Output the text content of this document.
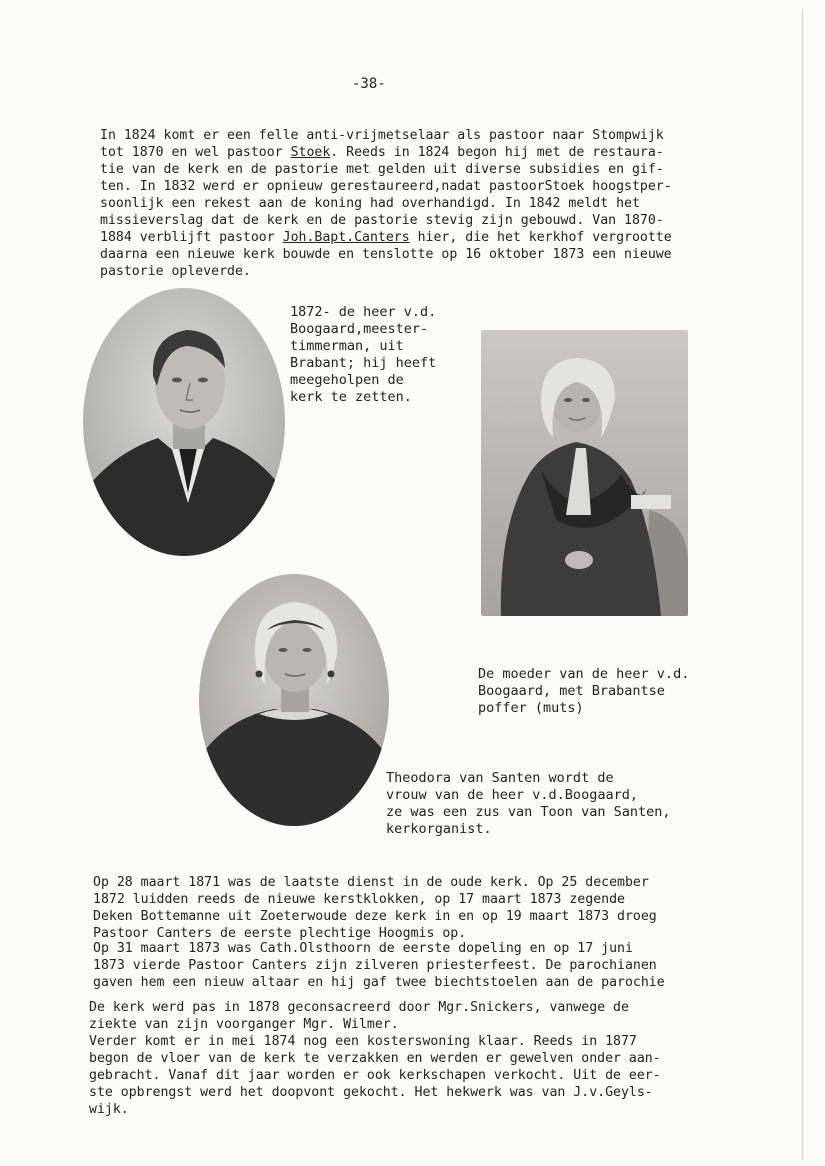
-38-

In 1824 komt er een felle anti-vrijmetselaar als pastoor naar Stompwijk
tot 1870 en wel pastoor Stoek. Reeds in 1824 begon hij met de restaura-
tie van de kerk en de pastorie met gelden uit diverse subsidies en gif-
ten. In 1832 werd er opnieuw gerestaureerd,nadat pastoorStoek hoogstper-
soonlijk een rekest aan de koning had overhandigd. In 1842 meldt het
missieverslag dat de kerk en de pastorie stevig zijn gebouwd. Van 1870-
1884 verblijft pastoor Joh.Bapt.Canters hier, die het kerkhof vergrootte
daarna een nieuwe kerk bouwde en tenslotte op 16 oktober 1873 een nieuwe
pastorie opleverde.

1872- de heer v.d.
Boogaard,meester-
timmerman, uit
Brabant; hij heeft
meegeholpen de
kerk te zetten.

De moeder van de heer v.d.
Boogaard, met Brabantse
poffer (muts)

Theodora van Santen wordt de
vrouw van de heer v.d.Boogaard,
ze was een zus van Toon van Santen,
kerkorganist.

Op 28 maart 1871 was de laatste dienst in de oude kerk. Op 25 december
1872 luidden reeds de nieuwe kerstklokken, op 17 maart 1873 zegende
Deken Bottemanne uit Zoeterwoude deze kerk in en op 19 maart 1873 droeg
Pastoor Canters de eerste plechtige Hoogmis op.

Op 31 maart 1873 was Cath.Olsthoorn de eerste dopeling en op 17 juni
1873 vierde Pastoor Canters zijn zilveren priesterfeest. De parochianen
gaven hem een nieuw altaar en hij gaf twee biechtstoelen aan de parochie

De kerk werd pas in 1878 geconsacreerd door Mgr.Snickers, vanwege de
ziekte van zijn voorganger Mgr. Wilmer.
Verder komt er in mei 1874 nog een kosterswoning klaar. Reeds in 1877
begon de vloer van de kerk te verzakken en werden er gewelven onder aan-
gebracht. Vanaf dit jaar worden er ook kerkschapen verkocht. Uit de eer-
ste opbrengst werd het doopvont gekocht. Het hekwerk was van J.v.Geyls-
wijk.
